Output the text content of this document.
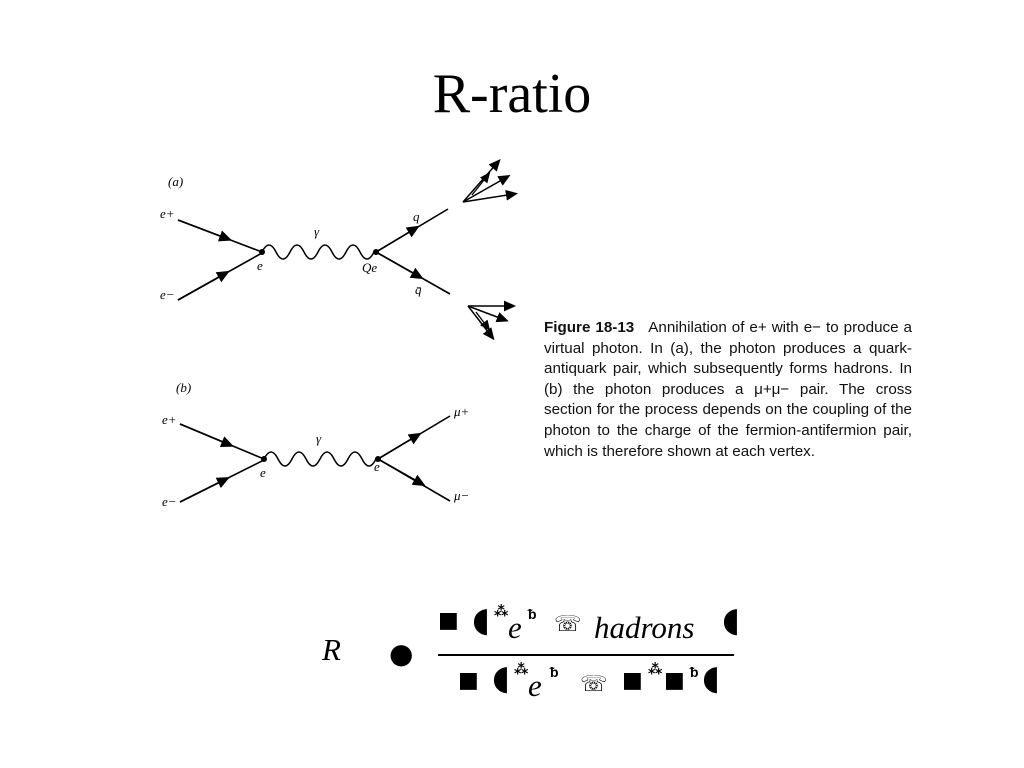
R-ratio
(a)
e+
e−
e	Qe
γ
q
q̄
(b)
e+
e−
e	e
γ
μ+
μ−
Figure 18-13 Annihilation of e+ with e− to produce a virtual photon. In (a), the photon produces a quark-antiquark pair, which subsequently forms hadrons. In (b) the photon produces a μ+μ− pair. The cross section for the process depends on the coupling of the photon to the charge of the fermion-antifermion pair, which is therefore shown at each vertex.
R ●
■ ◖ ⁂ e ᵬ ☏ hadrons ◖
■ ◖ ⁂ e ᵬ ☏ ■ ⁂ ■ ᵬ ◖
